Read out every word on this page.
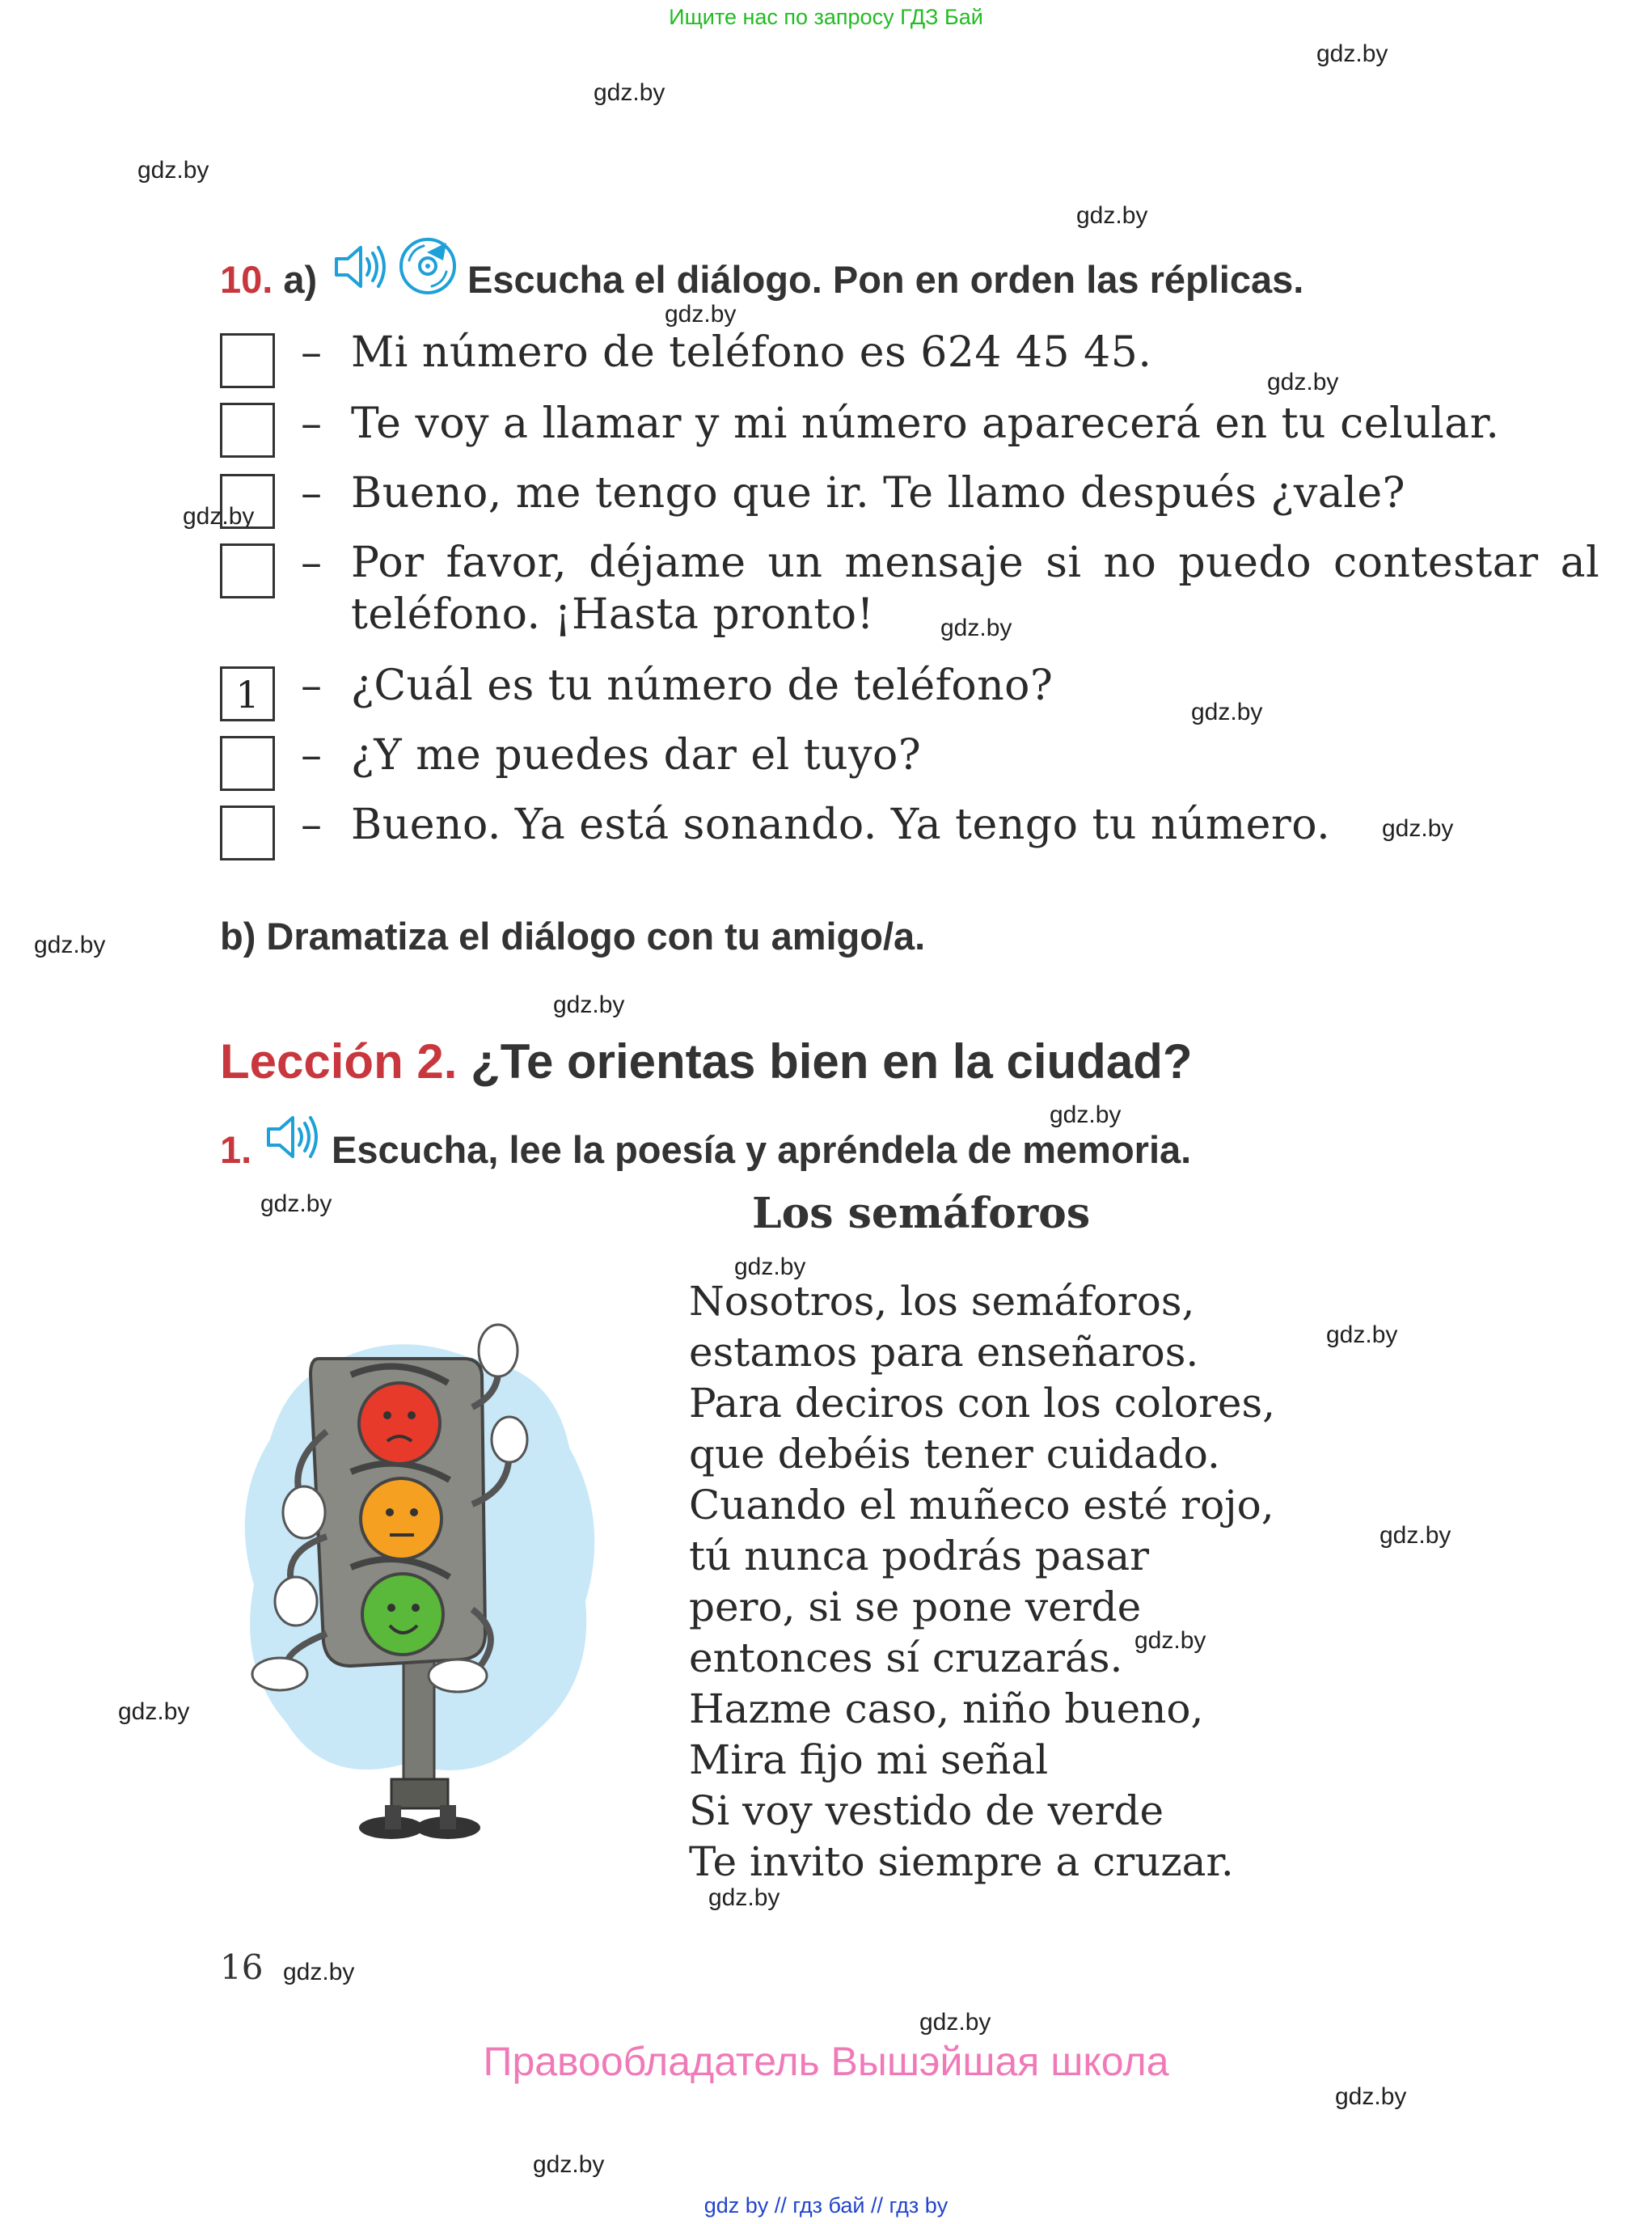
Ищите нас по запросу ГДЗ Бай
gdz.by
gdz.by
gdz.by
gdz.by
gdz.by
gdz.by
gdz.by
gdz.by
gdz.by
gdz.by
gdz.by
gdz.by
gdz.by
gdz.by
gdz.by
gdz.by
gdz.by
gdz.by
gdz.by
gdz.by
gdz.by
gdz.by
gdz.by
gdz.by
10. a)	Escucha el diálogo. Pon en orden las réplicas.
– Mi número de teléfono es 624 45 45.
– Te voy a llamar y mi número aparecerá en tu celular.
– Bueno, me tengo que ir. Te llamo después ¿vale?
– Por favor, déjame un mensaje si no puedo contestar al
teléfono. ¡Hasta pronto!
1 – ¿Cuál es tu número de teléfono?
– ¿Y me puedes dar el tuyo?
– Bueno. Ya está sonando. Ya tengo tu número.
b) Dramatiza el diálogo con tu amigo/a.
Lección 2. ¿Te orientas bien en la ciudad?
1. Escucha, lee la poesía y apréndela de memoria.
Los semáforos
Nosotros, los semáforos,
estamos para enseñaros.
Para deciros con los colores,
que debéis tener cuidado.
Cuando el muñeco esté rojo,
tú nunca podrás pasar
pero, si se pone verde
entonces sí cruzarás.
Hazme caso, niño bueno,
Mira fijo mi señal
Si voy vestido de verde
Te invito siempre a cruzar.
16
Правообладатель Вышэйшая школа
gdz by // гдз бай // гдз by
